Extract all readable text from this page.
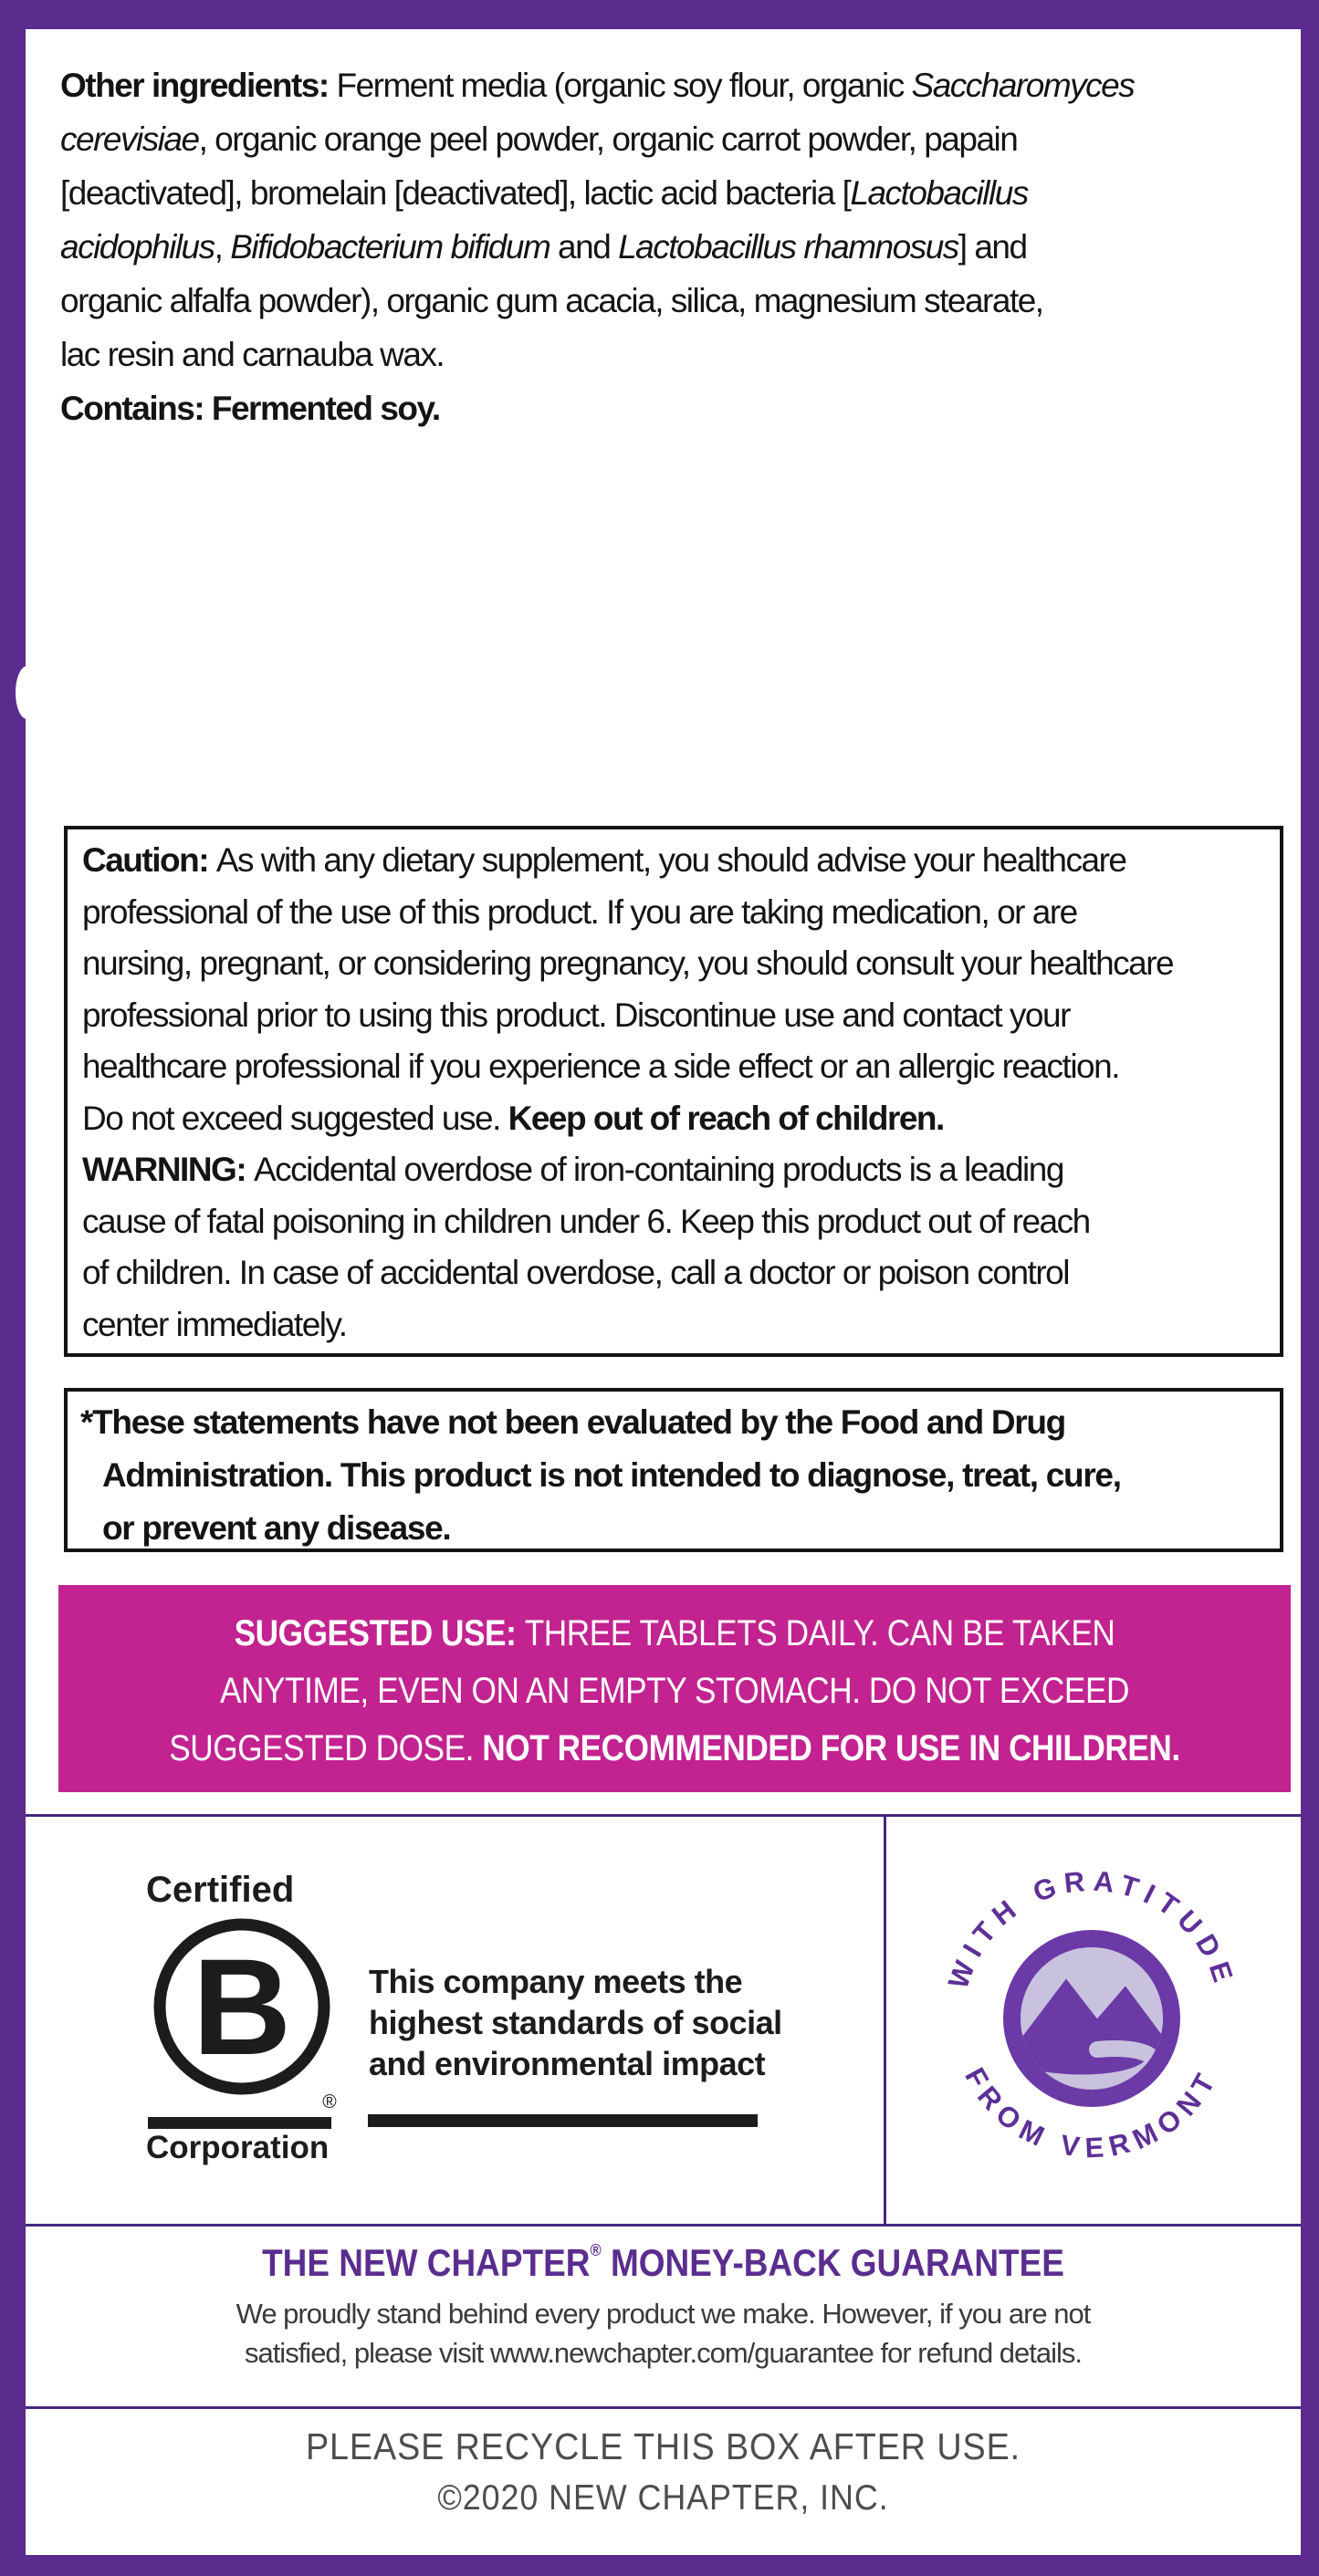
Other ingredients: Ferment media (organic soy flour, organic Saccharomyces
cerevisiae, organic orange peel powder, organic carrot powder, papain
[deactivated], bromelain [deactivated], lactic acid bacteria [Lactobacillus
acidophilus, Bifidobacterium bifidum and Lactobacillus rhamnosus] and
organic alfalfa powder), organic gum acacia, silica, magnesium stearate,
lac resin and carnauba wax.
Contains: Fermented soy.
Caution: As with any dietary supplement, you should advise your healthcare
professional of the use of this product. If you are taking medication, or are
nursing, pregnant, or considering pregnancy, you should consult your healthcare
professional prior to using this product. Discontinue use and contact your
healthcare professional if you experience a side effect or an allergic reaction.
Do not exceed suggested use. Keep out of reach of children.
WARNING: Accidental overdose of iron-containing products is a leading
cause of fatal poisoning in children under 6. Keep this product out of reach
of children. In case of accidental overdose, call a doctor or poison control
center immediately.
*These statements have not been evaluated by the Food and Drug
Administration. This product is not intended to diagnose, treat, cure,
or prevent any disease.
SUGGESTED USE: THREE TABLETS DAILY. CAN BE TAKEN
ANYTIME, EVEN ON AN EMPTY STOMACH. DO NOT EXCEED
SUGGESTED DOSE. NOT RECOMMENDED FOR USE IN CHILDREN.
Certified
B
®
Corporation
This company meets the
highest standards of social
and environmental impact
WITH GRATITUDE
FROM VERMONT
THE NEW CHAPTER® MONEY-BACK GUARANTEE
We proudly stand behind every product we make. However, if you are not
satisfied, please visit www.newchapter.com/guarantee for refund details.
PLEASE RECYCLE THIS BOX AFTER USE.
©2020 NEW CHAPTER, INC.
